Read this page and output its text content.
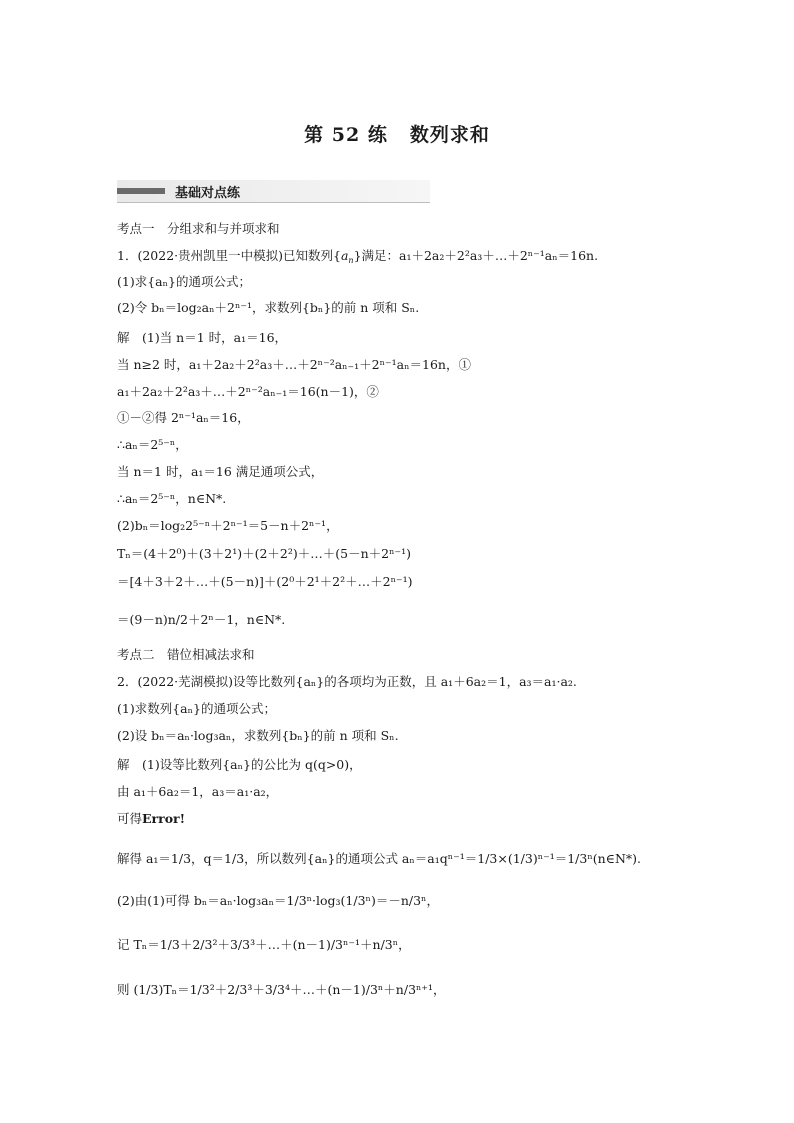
第 52 练 数列求和
基础对点练
考点一　分组求和与并项求和
1．(2022·贵州凯里一中模拟)已知数列$\{a_n\}$满足：a₁＋2a₂＋2²a₃＋…＋2ⁿ⁻¹aₙ＝16n.
(1)求{aₙ}的通项公式；
(2)令 bₙ＝log₂aₙ＋2ⁿ⁻¹，求数列{bₙ}的前 n 项和 Sₙ.
解　(1)当 n＝1 时，a₁＝16，
当 n≥2 时，a₁＋2a₂＋2²a₃＋…＋2ⁿ⁻²aₙ₋₁＋2ⁿ⁻¹aₙ＝16n，①
a₁＋2a₂＋2²a₃＋…＋2ⁿ⁻²aₙ₋₁＝16(n－1)，②
①－②得 2ⁿ⁻¹aₙ＝16，
∴aₙ＝2⁵⁻ⁿ，
当 n＝1 时，a₁＝16 满足通项公式，
∴aₙ＝2⁵⁻ⁿ，n∈N*.
(2)bₙ＝log₂2⁵⁻ⁿ＋2ⁿ⁻¹＝5－n＋2ⁿ⁻¹，
Tₙ＝(4＋2⁰)＋(3＋2¹)＋(2＋2²)＋…＋(5－n＋2ⁿ⁻¹)
＝[4＋3＋2＋…＋(5－n)]＋(2⁰＋2¹＋2²＋…＋2ⁿ⁻¹)
＝(9－n)n/2＋2ⁿ－1，n∈N*.
考点二　错位相减法求和
2．(2022·芜湖模拟)设等比数列{aₙ}的各项均为正数，且 a₁＋6a₂＝1，a₃＝a₁·a₂.
(1)求数列{aₙ}的通项公式；
(2)设 bₙ＝aₙ·log₃aₙ，求数列{bₙ}的前 n 项和 Sₙ.
解　(1)设等比数列{aₙ}的公比为 q(q>0)，
由 a₁＋6a₂＝1，a₃＝a₁·a₂，
可得Error!
解得 a₁＝1/3，q＝1/3，所以数列{aₙ}的通项公式 aₙ＝a₁qⁿ⁻¹＝1/3×(1/3)ⁿ⁻¹＝1/3ⁿ(n∈N*).
(2)由(1)可得 bₙ＝aₙ·log₃aₙ＝1/3ⁿ·log₃(1/3ⁿ)＝－n/3ⁿ，
记 Tₙ＝1/3＋2/3²＋3/3³＋…＋(n－1)/3ⁿ⁻¹＋n/3ⁿ，
则 (1/3)Tₙ＝1/3²＋2/3³＋3/3⁴＋…＋(n－1)/3ⁿ＋n/3ⁿ⁺¹，
